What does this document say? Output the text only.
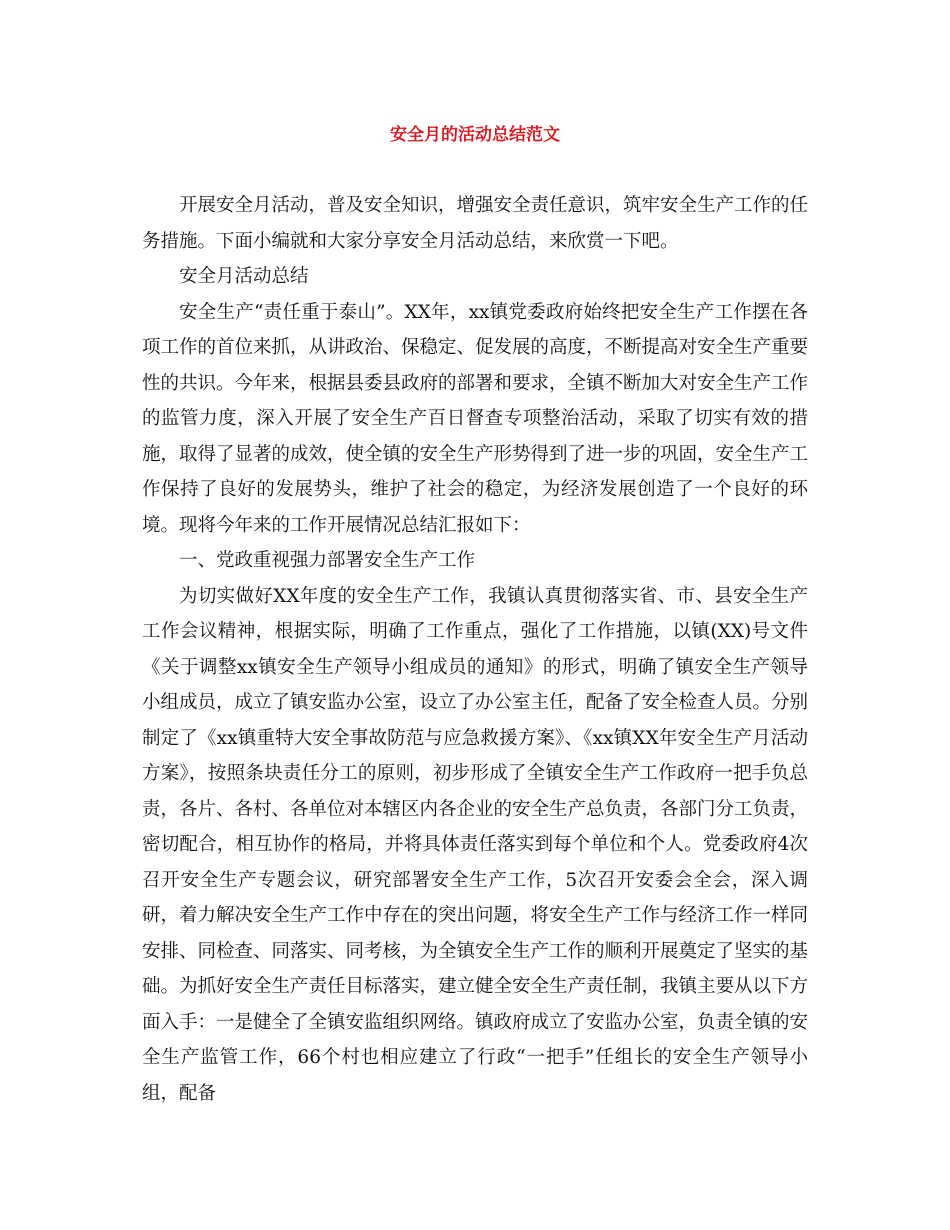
安全月的活动总结范文

开展安全月活动，普及安全知识，增强安全责任意识，筑牢安全生产工作的任务措施。下面小编就和大家分享安全月活动总结，来欣赏一下吧。

安全月活动总结

安全生产“责任重于泰山”。XX年，xx镇党委政府始终把安全生产工作摆在各项工作的首位来抓，从讲政治、保稳定、促发展的高度，不断提高对安全生产重要性的共识。今年来，根据县委县政府的部署和要求，全镇不断加大对安全生产工作的监管力度，深入开展了安全生产百日督查专项整治活动，采取了切实有效的措施，取得了显著的成效，使全镇的安全生产形势得到了进一步的巩固，安全生产工作保持了良好的发展势头，维护了社会的稳定，为经济发展创造了一个良好的环境。现将今年来的工作开展情况总结汇报如下：

一、党政重视强力部署安全生产工作

为切实做好XX年度的安全生产工作，我镇认真贯彻落实省、市、县安全生产工作会议精神，根据实际，明确了工作重点，强化了工作措施，以镇(XX)号文件《关于调整xx镇安全生产领导小组成员的通知》的形式，明确了镇安全生产领导小组成员，成立了镇安监办公室，设立了办公室主任，配备了安全检查人员。分别制定了《xx镇重特大安全事故防范与应急救援方案》、《xx镇XX年安全生产月活动方案》，按照条块责任分工的原则，初步形成了全镇安全生产工作政府一把手负总责，各片、各村、各单位对本辖区内各企业的安全生产总负责，各部门分工负责，密切配合，相互协作的格局，并将具体责任落实到每个单位和个人。党委政府4次召开安全生产专题会议，研究部署安全生产工作，5次召开安委会全会，深入调研，着力解决安全生产工作中存在的突出问题，将安全生产工作与经济工作一样同安排、同检查、同落实、同考核，为全镇安全生产工作的顺利开展奠定了坚实的基础。为抓好安全生产责任目标落实，建立健全安全生产责任制，我镇主要从以下方面入手：一是健全了全镇安监组织网络。镇政府成立了安监办公室，负责全镇的安全生产监管工作，66个村也相应建立了行政“一把手”任组长的安全生产领导小组，配备
